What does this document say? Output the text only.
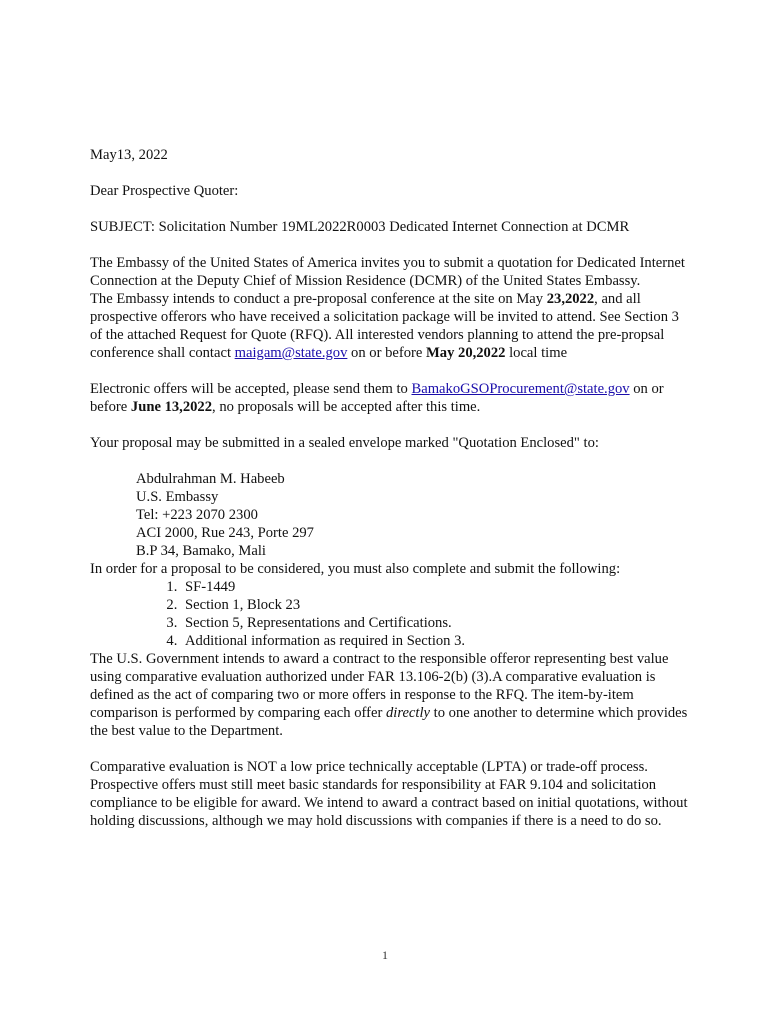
May13, 2022

Dear Prospective Quoter:

SUBJECT: Solicitation Number 19ML2022R0003 Dedicated Internet Connection at DCMR

The Embassy of the United States of America invites you to submit a quotation for Dedicated Internet Connection at the Deputy Chief of Mission Residence (DCMR) of the United States Embassy.

The Embassy intends to conduct a pre-proposal conference at the site on May 23,2022, and all prospective offerors who have received a solicitation package will be invited to attend. See Section 3 of the attached Request for Quote (RFQ). All interested vendors planning to attend the pre-propsal conference shall contact maigam@state.gov on or before May 20,2022 local time

Electronic offers will be accepted, please send them to BamakoGSOProcurement@state.gov on or before June 13,2022, no proposals will be accepted after this time.

Your proposal may be submitted in a sealed envelope marked "Quotation Enclosed" to:

Abdulrahman M. Habeeb

U.S. Embassy

Tel: +223 2070 2300

ACI 2000, Rue 243, Porte 297

B.P 34, Bamako, Mali

In order for a proposal to be considered, you must also complete and submit the following:

1. SF-1449
2. Section 1, Block 23
3. Section 5, Representations and Certifications.
4. Additional information as required in Section 3.

The U.S. Government intends to award a contract to the responsible offeror representing best value using comparative evaluation authorized under FAR 13.106-2(b) (3).A comparative evaluation is defined as the act of comparing two or more offers in response to the RFQ. The item-by-item comparison is performed by comparing each offer directly to one another to determine which provides the best value to the Department.

Comparative evaluation is NOT a low price technically acceptable (LPTA) or trade-off process. Prospective offers must still meet basic standards for responsibility at FAR 9.104 and solicitation compliance to be eligible for award. We intend to award a contract based on initial quotations, without holding discussions, although we may hold discussions with companies if there is a need to do so.

1
